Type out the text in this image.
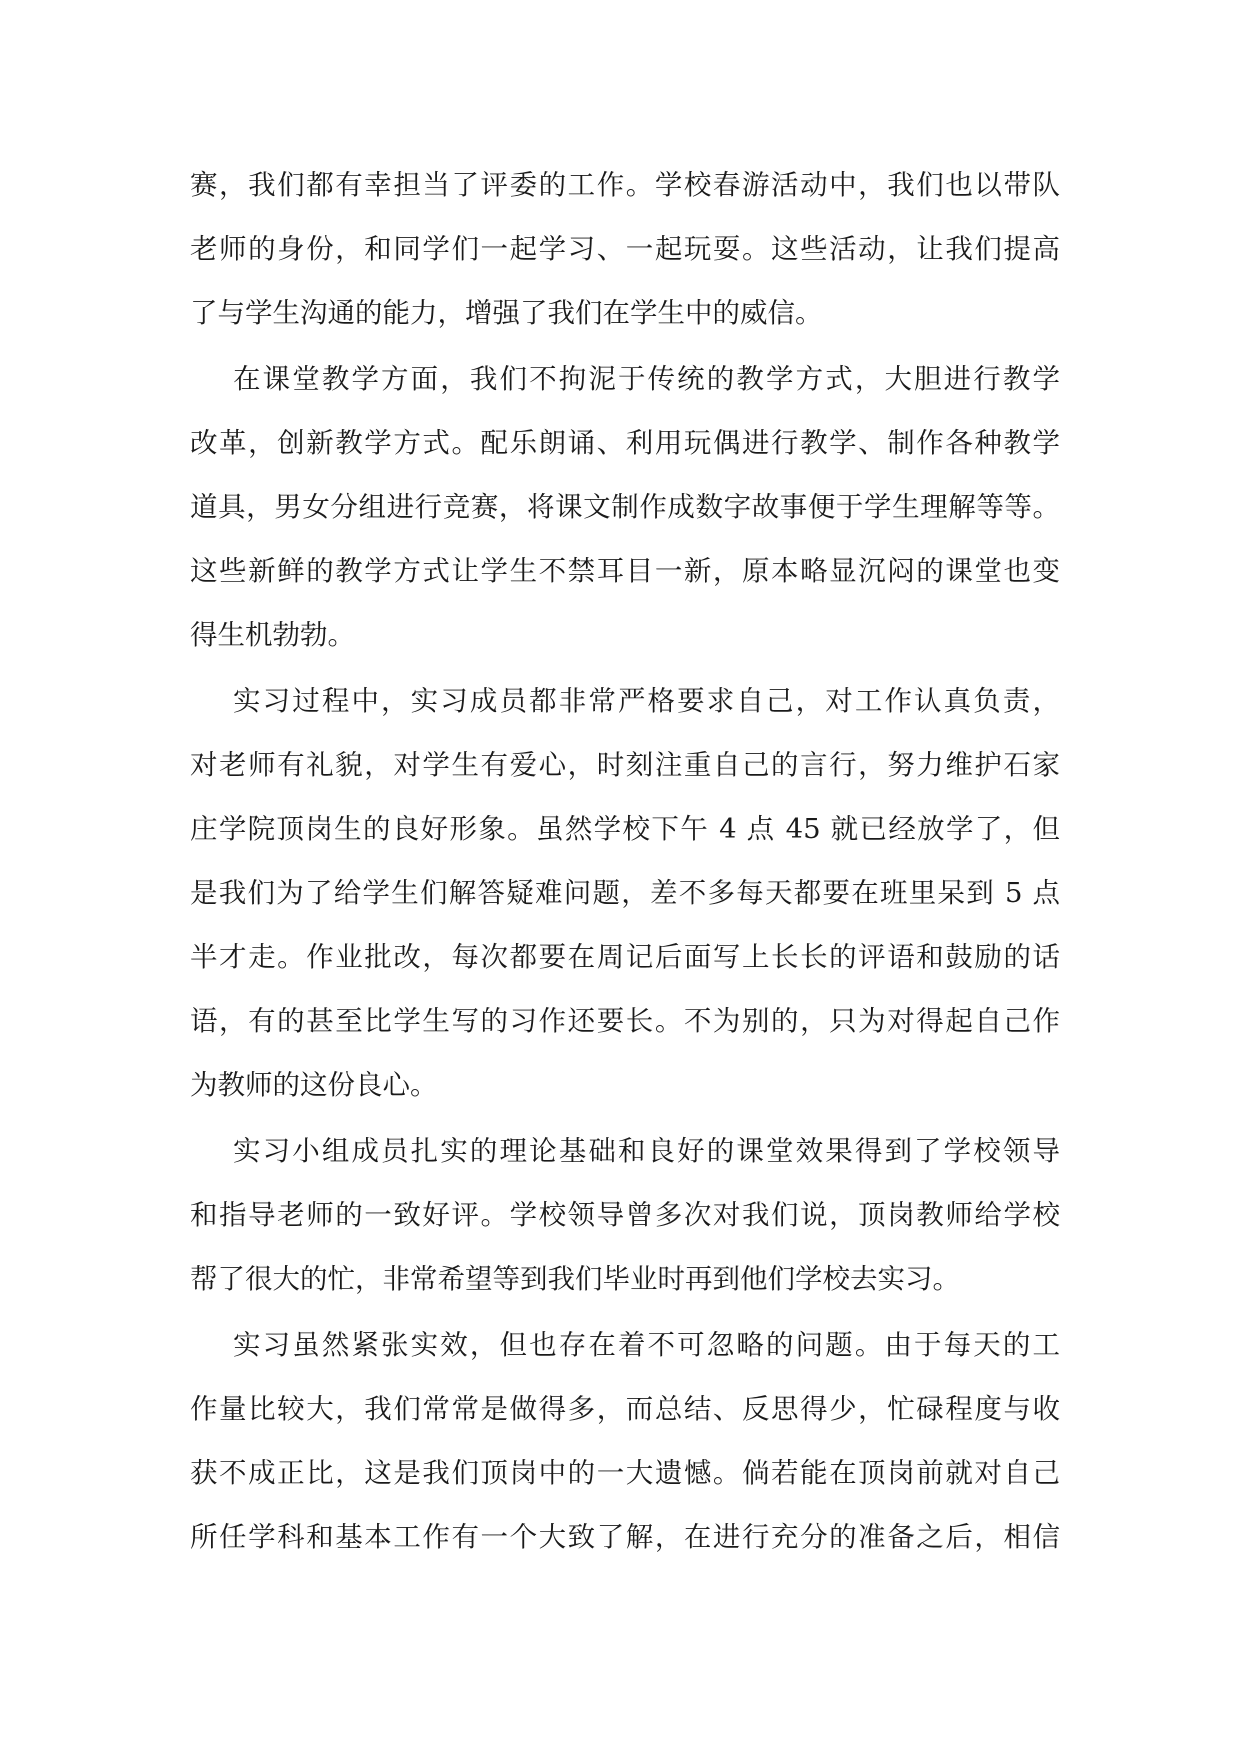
赛，我们都有幸担当了评委的工作。学校春游活动中，我们也以带队
老师的身份，和同学们一起学习、一起玩耍。这些活动，让我们提高
了与学生沟通的能力，增强了我们在学生中的威信。
在课堂教学方面，我们不拘泥于传统的教学方式，大胆进行教学
改革，创新教学方式。配乐朗诵、利用玩偶进行教学、制作各种教学
道具，男女分组进行竞赛，将课文制作成数字故事便于学生理解等等。
这些新鲜的教学方式让学生不禁耳目一新，原本略显沉闷的课堂也变
得生机勃勃。
实习过程中，实习成员都非常严格要求自己，对工作认真负责，
对老师有礼貌，对学生有爱心，时刻注重自己的言行，努力维护石家
庄学院顶岗生的良好形象。虽然学校下午 4 点 45 就已经放学了，但
是我们为了给学生们解答疑难问题，差不多每天都要在班里呆到 5 点
半才走。作业批改，每次都要在周记后面写上长长的评语和鼓励的话
语，有的甚至比学生写的习作还要长。不为别的，只为对得起自己作
为教师的这份良心。
实习小组成员扎实的理论基础和良好的课堂效果得到了学校领导
和指导老师的一致好评。学校领导曾多次对我们说，顶岗教师给学校
帮了很大的忙，非常希望等到我们毕业时再到他们学校去实习。
实习虽然紧张实效，但也存在着不可忽略的问题。由于每天的工
作量比较大，我们常常是做得多，而总结、反思得少，忙碌程度与收
获不成正比，这是我们顶岗中的一大遗憾。倘若能在顶岗前就对自己
所任学科和基本工作有一个大致了解，在进行充分的准备之后，相信
